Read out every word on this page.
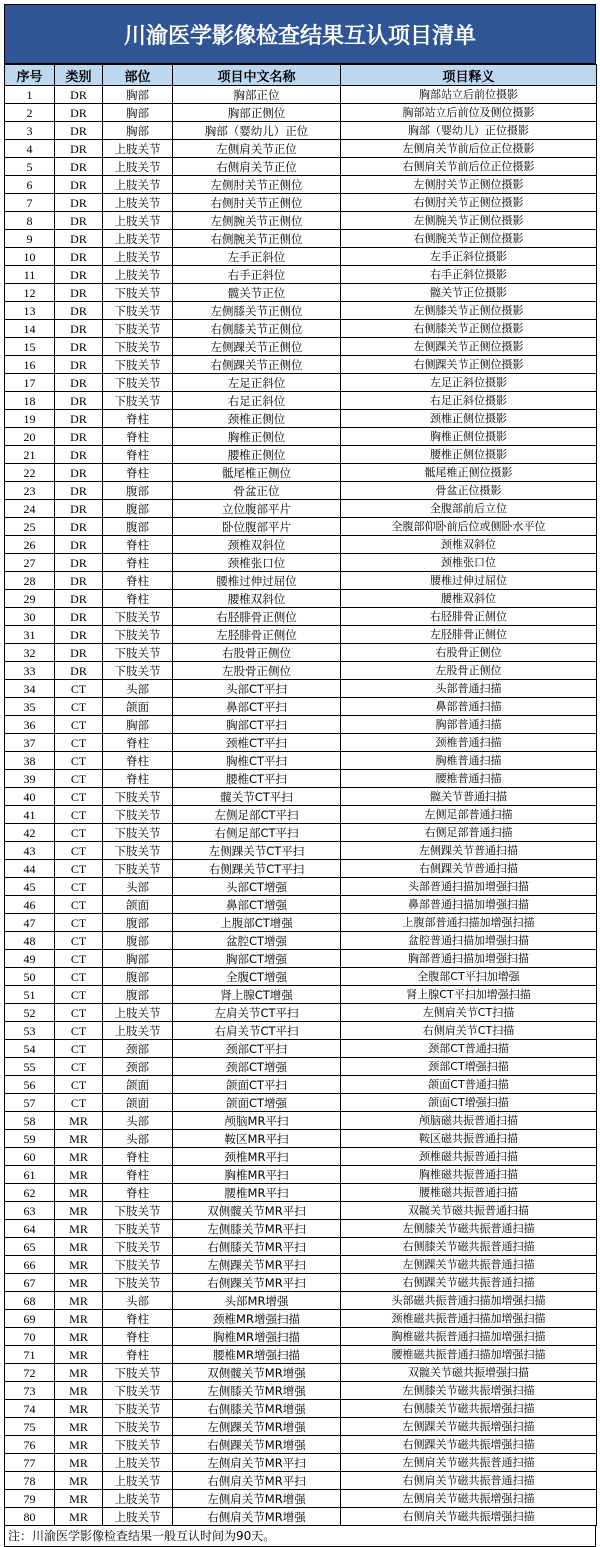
川渝医学影像检查结果互认项目清单
序号	类别	部位	项目中文名称	项目释义
1	DR	胸部	胸部正位	胸部站立后前位摄影
2	DR	胸部	胸部正侧位	胸部站立后前位及侧位摄影
3	DR	胸部	胸部（婴幼儿）正位	胸部（婴幼儿）正位摄影
4	DR	上肢关节	左侧肩关节正位	左侧肩关节前后位正位摄影
5	DR	上肢关节	右侧肩关节正位	右侧肩关节前后位正位摄影
6	DR	上肢关节	左侧肘关节正侧位	左侧肘关节正侧位摄影
7	DR	上肢关节	右侧肘关节正侧位	右侧肘关节正侧位摄影
8	DR	上肢关节	左侧腕关节正侧位	左侧腕关节正侧位摄影
9	DR	上肢关节	右侧腕关节正侧位	右侧腕关节正侧位摄影
10	DR	上肢关节	左手正斜位	左手正斜位摄影
11	DR	上肢关节	右手正斜位	右手正斜位摄影
12	DR	下肢关节	髋关节正位	髋关节正位摄影
13	DR	下肢关节	左侧膝关节正侧位	左侧膝关节正侧位摄影
14	DR	下肢关节	右侧膝关节正侧位	右侧膝关节正侧位摄影
15	DR	下肢关节	左侧踝关节正侧位	左侧踝关节正侧位摄影
16	DR	下肢关节	右侧踝关节正侧位	右侧踝关节正侧位摄影
17	DR	下肢关节	左足正斜位	左足正斜位摄影
18	DR	下肢关节	右足正斜位	右足正斜位摄影
19	DR	脊柱	颈椎正侧位	颈椎正侧位摄影
20	DR	脊柱	胸椎正侧位	胸椎正侧位摄影
21	DR	脊柱	腰椎正侧位	腰椎正侧位摄影
22	DR	脊柱	骶尾椎正侧位	骶尾椎正侧位摄影
23	DR	腹部	骨盆正位	骨盆正位摄影
24	DR	腹部	立位腹部平片	全腹部前后立位
25	DR	腹部	卧位腹部平片	全腹部仰卧前后位或侧卧水平位
26	DR	脊柱	颈椎双斜位	颈椎双斜位
27	DR	脊柱	颈椎张口位	颈椎张口位
28	DR	脊柱	腰椎过伸过屈位	腰椎过伸过屈位
29	DR	脊柱	腰椎双斜位	腰椎双斜位
30	DR	下肢关节	右胫腓骨正侧位	右胫腓骨正侧位
31	DR	下肢关节	左胫腓骨正侧位	左胫腓骨正侧位
32	DR	下肢关节	右股骨正侧位	右股骨正侧位
33	DR	下肢关节	左股骨正侧位	左股骨正侧位
34	CT	头部	头部CT平扫	头部普通扫描
35	CT	颌面	鼻部CT平扫	鼻部普通扫描
36	CT	胸部	胸部CT平扫	胸部普通扫描
37	CT	脊柱	颈椎CT平扫	颈椎普通扫描
38	CT	脊柱	胸椎CT平扫	胸椎普通扫描
39	CT	脊柱	腰椎CT平扫	腰椎普通扫描
40	CT	下肢关节	髋关节CT平扫	髋关节普通扫描
41	CT	下肢关节	左侧足部CT平扫	左侧足部普通扫描
42	CT	下肢关节	右侧足部CT平扫	右侧足部普通扫描
43	CT	下肢关节	左侧踝关节CT平扫	左侧踝关节普通扫描
44	CT	下肢关节	右侧踝关节CT平扫	右侧踝关节普通扫描
45	CT	头部	头部CT增强	头部普通扫描加增强扫描
46	CT	颌面	鼻部CT增强	鼻部普通扫描加增强扫描
47	CT	腹部	上腹部CT增强	上腹部普通扫描加增强扫描
48	CT	腹部	盆腔CT增强	盆腔普通扫描加增强扫描
49	CT	胸部	胸部CT增强	胸部普通扫描加增强扫描
50	CT	腹部	全腹CT增强	全腹部CT平扫加增强
51	CT	腹部	肾上腺CT增强	肾上腺CT平扫加增强扫描
52	CT	上肢关节	左肩关节CT平扫	左侧肩关节CT扫描
53	CT	上肢关节	右肩关节CT平扫	右侧肩关节CT扫描
54	CT	颈部	颈部CT平扫	颈部CT普通扫描
55	CT	颈部	颈部CT增强	颈部CT增强扫描
56	CT	颌面	颌面CT平扫	颌面CT普通扫描
57	CT	颌面	颌面CT增强	颌面CT增强扫描
58	MR	头部	颅脑MR平扫	颅脑磁共振普通扫描
59	MR	头部	鞍区MR平扫	鞍区磁共振普通扫描
60	MR	脊柱	颈椎MR平扫	颈椎磁共振普通扫描
61	MR	脊柱	胸椎MR平扫	胸椎磁共振普通扫描
62	MR	脊柱	腰椎MR平扫	腰椎磁共振普通扫描
63	MR	下肢关节	双侧髋关节MR平扫	双髋关节磁共振普通扫描
64	MR	下肢关节	左侧膝关节MR平扫	左侧膝关节磁共振普通扫描
65	MR	下肢关节	右侧膝关节MR平扫	右侧膝关节磁共振普通扫描
66	MR	下肢关节	左侧踝关节MR平扫	左侧踝关节磁共振普通扫描
67	MR	下肢关节	右侧踝关节MR平扫	右侧踝关节磁共振普通扫描
68	MR	头部	头部MR增强	头部磁共振普通扫描加增强扫描
69	MR	脊柱	颈椎MR增强扫描	颈椎磁共振普通扫描加增强扫描
70	MR	脊柱	胸椎MR增强扫描	胸椎磁共振普通扫描加增强扫描
71	MR	脊柱	腰椎MR增强扫描	腰椎磁共振普通扫描加增强扫描
72	MR	下肢关节	双侧髋关节MR增强	双髋关节磁共振增强扫描
73	MR	下肢关节	左侧膝关节MR增强	左侧膝关节磁共振增强扫描
74	MR	下肢关节	右侧膝关节MR增强	右侧膝关节磁共振增强扫描
75	MR	下肢关节	左侧踝关节MR增强	左侧踝关节磁共振增强扫描
76	MR	下肢关节	右侧踝关节MR增强	右侧踝关节磁共振增强扫描
77	MR	上肢关节	左侧肩关节MR平扫	左侧肩关节磁共振普通扫描
78	MR	上肢关节	右侧肩关节MR平扫	右侧肩关节磁共振普通扫描
79	MR	上肢关节	左侧肩关节MR增强	左侧肩关节磁共振增强扫描
80	MR	上肢关节	右侧肩关节MR增强	右侧肩关节磁共振增强扫描
注：川渝医学影像检查结果一般互认时间为90天。
